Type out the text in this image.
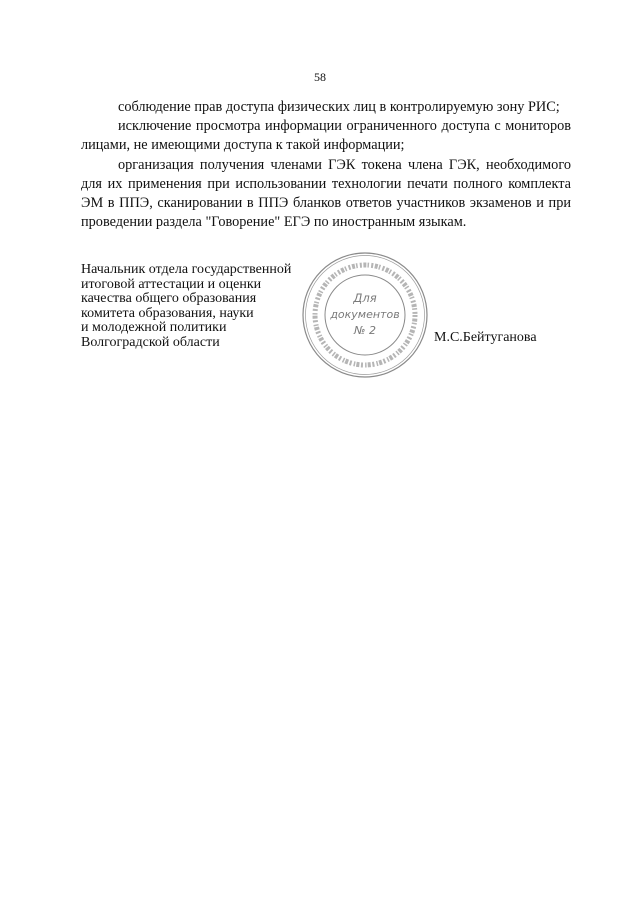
58

соблюдение прав доступа физических лиц в контролируемую зону РИС;

исключение просмотра информации ограниченного доступа с мониторов лицами, не имеющими доступа к такой информации;

организация получения членами ГЭК токена члена ГЭК, необходимого для их применения при использовании технологии печати полного комплекта ЭМ в ППЭ, сканировании в ППЭ бланков ответов участников экзаменов и при проведении раздела "Говорение" ЕГЭ по иностранным языкам.

Начальник отдела государственной
итоговой аттестации и оценки
качества общего образования
комитета образования, науки
и молодежной политики
Волгоградской области
Для
документов
№ 2	М.С.Бейтуганова
